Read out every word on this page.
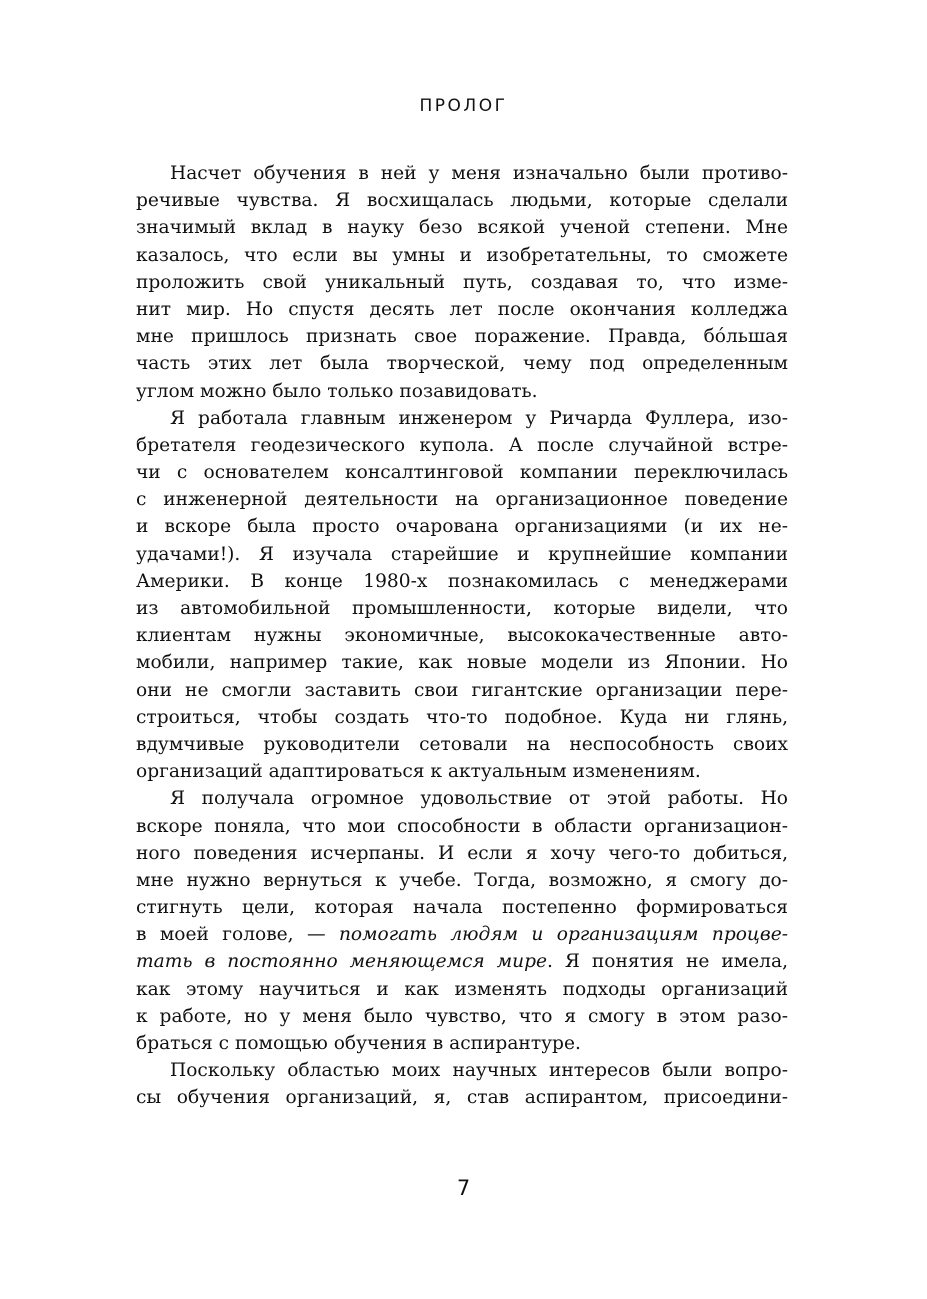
ПРОЛОГ
Насчет обучения в ней у меня изначально были противо-
речивые чувства. Я восхищалась людьми, которые сделали
значимый вклад в науку безо всякой ученой степени. Мне
казалось, что если вы умны и изобретательны, то сможете
проложить свой уникальный путь, создавая то, что изме-
нит мир. Но спустя десять лет после окончания колледжа
мне пришлось признать свое поражение. Правда, бóльшая
часть этих лет была творческой, чему под определенным
углом можно было только позавидовать.
Я работала главным инженером у Ричарда Фуллера, изо-
бретателя геодезического купола. А после случайной встре-
чи с основателем консалтинговой компании переключилась
с инженерной деятельности на организационное поведение
и вскоре была просто очарована организациями (и их не-
удачами!). Я изучала старейшие и крупнейшие компании
Америки. В конце 1980-х познакомилась с менеджерами
из автомобильной промышленности, которые видели, что
клиентам нужны экономичные, высококачественные авто-
мобили, например такие, как новые модели из Японии. Но
они не смогли заставить свои гигантские организации пере-
строиться, чтобы создать что-то подобное. Куда ни глянь,
вдумчивые руководители сетовали на неспособность своих
организаций адаптироваться к актуальным изменениям.
Я получала огромное удовольствие от этой работы. Но
вскоре поняла, что мои способности в области организацион-
ного поведения исчерпаны. И если я хочу чего-то добиться,
мне нужно вернуться к учебе. Тогда, возможно, я смогу до-
стигнуть цели, которая начала постепенно формироваться
в моей голове, — помогать людям и организациям процве-
тать в постоянно меняющемся мире. Я понятия не имела,
как этому научиться и как изменять подходы организаций
к работе, но у меня было чувство, что я смогу в этом разо-
браться с помощью обучения в аспирантуре.
Поскольку областью моих научных интересов были вопро-
сы обучения организаций, я, став аспирантом, присоедини-
7
